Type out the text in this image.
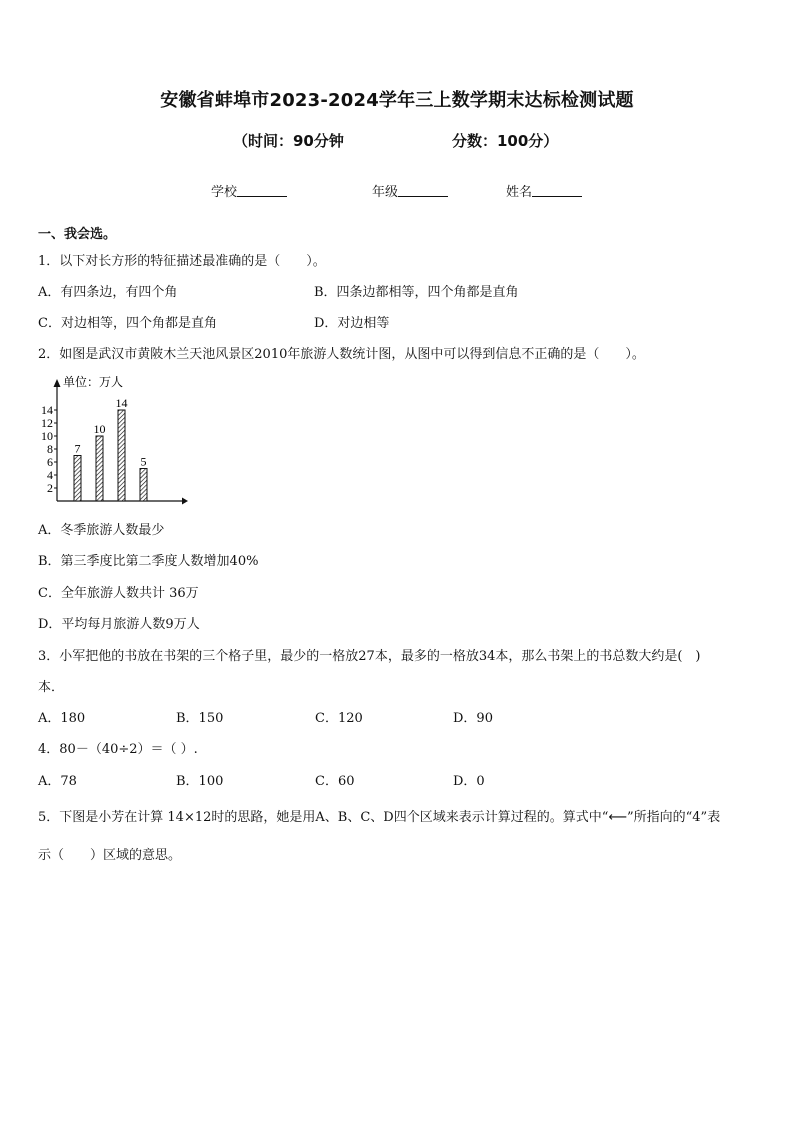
安徽省蚌埠市2023-2024学年三上数学期末达标检测试题
（时间：90分钟	分数：100分）
学校	年级	姓名
一、我会选。
1．以下对长方形的特征描述最准确的是（　　）。
A．有四条边，有四个角	B．四条边都相等，四个角都是直角
C．对边相等，四个角都是直角	D．对边相等
2．如图是武汉市黄陂木兰天池风景区2010年旅游人数统计图，从图中可以得到信息不正确的是（　　）。
单位：万人
2
4
6
8
10
12
14
7
10
14
5
A．冬季旅游人数最少
B．第三季度比第二季度人数增加40%
C．全年旅游人数共计 36万
D．平均每月旅游人数9万人
3．小军把他的书放在书架的三个格子里，最少的一格放27本，最多的一格放34本，那么书架上的书总数大约是(　)
本．
A．180	B．150	C．120	D．90
4．80－（40÷2）＝（ ）.
A．78	B．100	C．60	D．0
5．下图是小芳在计算 14×12时的思路，她是用A、B、C、D四个区域来表示计算过程的。算式中“⟵”所指向的“4”表
示（　　）区域的意思。
